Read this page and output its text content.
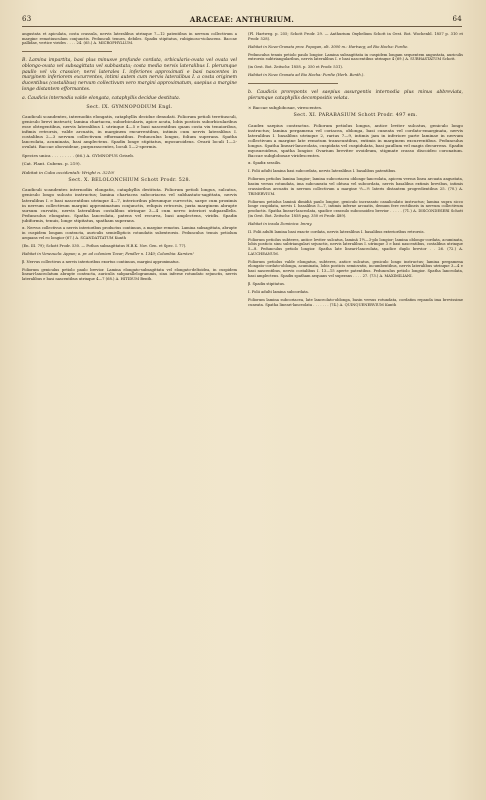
63	ARACEAE: ANTHURIUM.	64

angustata et apiculata, costa crassula, nervis lateralibus utrinque 7—12 patentibus in nervum collectivum a margine remotiusculum conjunctis. Pedunculi tenues, debiles. Spadix stipitatus, rubiginoso-violascens. Baccae pallidae, vertice virides . . . . 24. (65.) A. MICROPHYLLUM.

B. Lamina impartita, basi plus minusve profunde cordata, orbicularis-ovata vel ovata vel oblongo-ovata vel subsagittata vel subhastata; costa media nervis lateralibus I. plerumque paullo vel vix crassior; nervi laterales I. inferiores approximati e basi nascentes in marginem inferiorem excurrentes, intimi autem cum nervis lateralibus I. a costa originem ducentibus (costalibus) nervum collectivum vero margini approximatum, saepius a margine longe distantem efformantes.

a. Caudicis internodia valde elongata, cataphyllis decidue destituta.

Sect. IX. GYMNOPODIUM Engl.

Caudiculi scandentes, internodiis elongatis, cataphyllis decidue denudati. Foliorum petioli teretiusculi, geniculo brevi instructi; lamina chartacea, suborbicularis, apice acuta, lobis posticis suborbicularibus esse obtegentibus, nervis lateralibus I. utrinque 4—5 e basi nascentibus quam costa vix tenuioribus, infimis retrorsis, valde arcuatis, in marginem excurrentibus, intimis cum nervis lateralibus I. costalibus 2—3 nervum collectivum efformantibus. Pedunculus longus, folium superans. Spatha lanceolata, acuminata, basi amplectens. Spadix longe stipitatus, myosuroideus. Ovarii loculi 1—2-ovulati. Baccae obovoideae, purpurascentes, loculi 1—2-spermis.

Species unica . . . . . . . . . (66.) A. GYMNOPUS Griseb.

(Cat. Plant. Cubens. p. 219).

Habitat in Cuba occidentali: Wright n. 3210!

Sect. X. BELOLONCHIUM Schott Prodr. 528.

Caudiculi scandentes internodiis elongatis, cataphyllis destituta. Foliorum petioli longus, sulcatus, geniculo longo sulcato instructus; lamina chartacea subcoriacea vel subhastato-sagittata, nervis lateralibus I. e basi nascentibus utrinque 4—7, interioribus plerumque curvectis, saepe cum proximis in nervum collectivum margini approximatum conjunctis, reliquis retrorsis, juxta marginem abrupte sursum curvatis, nervis lateralibus costalibus utrinque 3—4 cum nervo interiori subparallelis. Pedunculus elongatus. Spatha lanceolata, patens vel recurva, basi amplectens, viridis. Spadix jubiformis, tenuis, longe stipitatus, spatham superans.

α. Nervus collectivus a nervis interioribus productus continuus, a margine remotus. Lamina subsagittata, abrupte in cuspidem longam contracta, auriculis semiellipticis rotundatis subextrorsis. Pedunculus tenuis petiolum aequans vel eo longior (67.) A. SCANDATTATUM Kunth

(En. III. 79); Schott Prodr. 530. — Pothos subsagittatus H.B.K. Nov. Gen. et Spec. I. 77).

Habitat in Venezuela: Appun; a. pr. ad coloniam Tovar; Fendler n. 1340; Columbia: Karsten!

β. Nervus collectivus a nervis interioribus exortus continuus, margini approximatus.

Foliorum geniculus petiolo paulo brevior. Lamina elongato-subsagittata vel elongato-deltoidea, in cuspidem lineari-lanceolatum abrupte contracta, auriculis subparallelogrammis, sinu inferne rotundato sejunctis, nervis lateralibus e basi nascentibus utrinque 4—7 (68.) A. HITIDUM Benth.

(Pl. Hartweg. p. 255; Schott Prodr. 29. — Anthurium Oxybelium Schott in Oest. Bot. Wochenbl. 1857 p. 310 et Prodr. 528).

Habitat in Nova-Granata prov. Popayan, alt. 3000 m.: Hartweg; ad Rio Hacha: Purdie.

Pedunculus tenuis petiolo paulo longior. Lamina subsagittata in cuspidem longam sequentem angustata, auriculis extrorsis subtriangularibus, nervis lateralibus I. e basi nascentibus utrinque 4 (69.) A. SUBHASTATUM Schott.

(in Oest. Bot. Zeitschr. 1858. p. 350 et Prodr. 531).

Habitat in Nova Granata ad Rio Hacha: Purdie (Herb. Benth.).

b. Caudicis proreponts vel saepius assurgentis internodia plus minus abbreviata, plerumque cataphyllis decompositis velata.

× Baccae subglobosae, virescentes.

Sect. XI. PARABASIUM Schott Prodr. 497 em.

Caudex saepius contractus. Foliorum petiolus longus, antice leviter sulcatus, geniculo longo instructus; lamina pergamena vel coriacea, oblonga, basi cuneata vel cordato-emarginata, nervis lateralibus I. basalibus utrinque 2, rarius 7—9, intimis jam in inferiore parte laminae in nervum collectivum a margine late remotum transeuntibus, extimis in marginem excurrentibus. Pedunculus longus. Spatha lineari-lanceolata, cuspidata vel cuspidulata, basi paullum vel magis decurrens. Spadix myosuroideus, spatha longior. Ovarium breviter ovoideum, stigmate crasso discoideo coronatum. Baccae subglobosae viridescentes.

α. Spadix sessilis.

I. Folii adulti lamina basi subcordata, nervis lateralibus I. basalibus patentibus.

Foliorum petiolus lamina longior; lamina subcoriacea oblongo-lanceolata, apicem versus linea arcuata angustata, basim versus rotundata, ima subcuneata vel obtusa vel subcordata, nervis basalibus extimis brevibus, intimis crassioribus arcuatis in nervum collectivum a margine ⅓—⅕ lateris distantem progredientibus 25. (70.) A. TRINERVIUM.

Foliorum petiolus laminā dimidiā paulo longior, geniculo incrassato canaliculato instructus; lamina supra sicco longe cuspidata, nervis I. basalibus 5—7, intimis inferne arcuatis, demum fere rectilineis in nervum collectivum productis. Spatha lineari-lanceolata, spadice crassulo subconoideo brevior . . . . . (71.) A. DISCONDESERI Schott (in Oest. Bot. Zeitschr. 1858 pag. 350 et Prodr. 489).

Habitat in insula Dominica: Imray.

II. Folii adulti lamina basi exacte cordata, nervis lateralibus I. basalibus exterioribus retrorsis.

Foliorum petiolus subteres, antice leviter sulcatus, laminā 1½—3-plo longior; lamina oblongo-cordata, acuminata, lobis posticis sinu subtriangulari sejunctis, nervis lateralibus I. utrinque 3 e basi nascentibus, costalibus utrinque 5—8. Pedunculus petiolo longior. Spatha late lineari-lanceolata, spadice duplo brevior . . 26. (72.) A. LAUCHEANUM.

Foliorum petiolus valde elongatus, subteres, antice sulcatus, geniculo longo instructus; lamina pergamena elongato-cordato-oblonga, acuminata, lobis posticis semiovatis, incumbentibus, nervis lateralibus utrinque 3—4 e basi nascentibus, nervis costalibus I. 13—15 aperte patentibus. Pedunculus petiolo longior. Spatha lanceolata, basi amplectens. Spadix spatham aequans vel superans . . . . 27. (73.) A. MAXIMILIANI.

β. Spadix stipitatus.

I. Folii adulti lamina subcordata.

Foliorum lamina subcoriacea, late lanceolato-oblonga, basin versus rotundata, cordatim repanda ima brevissime cuneata. Spatha lineari-lanceolata . . . . . . . (74.) A. QUINQUENERVIUM Kunth
